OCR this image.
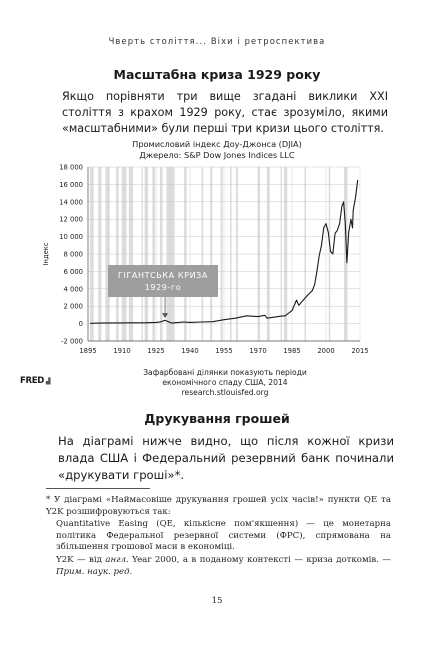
Чверть століття... Віхи і ретроспектива
Масштабна криза 1929 року
Якщо порівняти три вище згадані виклики XXI століття з крахом 1929 року, стає зрозуміло, якими «масштабними» були перші три кризи цього століття.
Промисловий індекс Доу-Джонса (DJIA)
Джерело: S&P Dow Jones Indices LLC
-2 000
0
2 000
4 000
6 000
8 000
10 000
12 000
14 000
16 000
18 000
1895 1910 1925 1940 1955 1970 1985 2000 2015
Індекс
ГІГАНТСЬКА КРИЗА
1929-го
Зафарбовані ділянки показують періоди економічного спаду США, 2014 research.stlouisfed.org
FRED ▟
Друкування грошей
На діаграмі нижче видно, що після кожної кризи влада США і Федеральний резервний банк починали «друкувати гроші»*.
* У діаграмі «Наймасовіше друкування грошей усіх часів!» пункти QE та Y2K розшифровуються так:
Quantitative Easing (QE, кількісне пом'якшення) — це монетарна політика Федеральної резервної системи (ФРС), спрямована на збільшення грошової маси в економіці.
Y2K — від англ. Year 2000, а в поданому контексті — криза доткомів. — Прим. наук. ред.
15
